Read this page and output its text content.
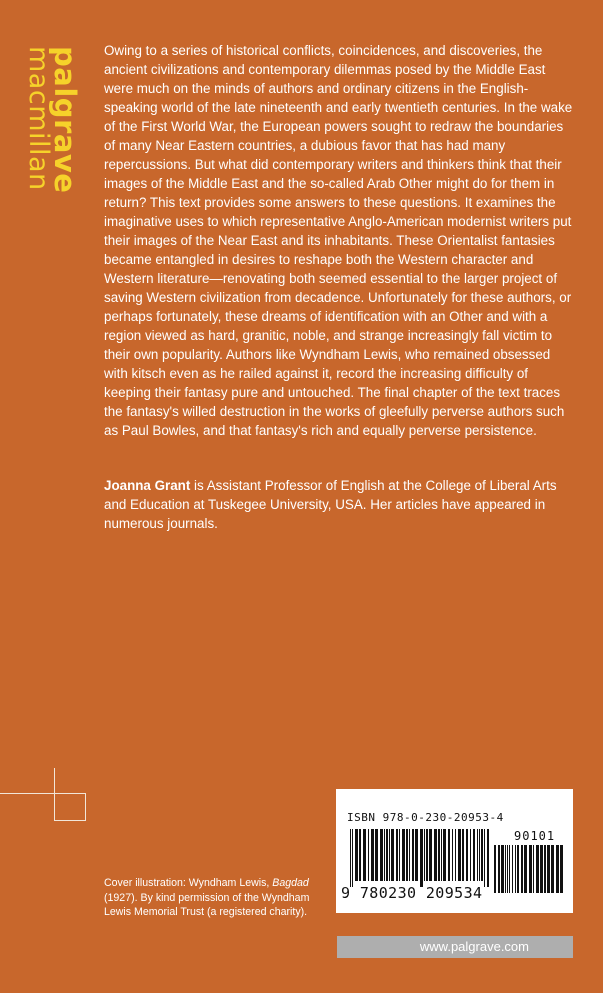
palgrave
macmillan	Owing to a series of historical conflicts, coincidences, and discoveries, the ancient civilizations and contemporary dilemmas posed by the Middle East were much on the minds of authors and ordinary citizens in the English-speaking world of the late nineteenth and early twentieth centuries. In the wake of the First World War, the European powers sought to redraw the boundaries of many Near Eastern countries, a dubious favor that has had many repercussions. But what did contemporary writers and thinkers think that their images of the Middle East and the so-called Arab Other might do for them in return? This text provides some answers to these questions. It examines the imaginative uses to which representative Anglo-American modernist writers put their images of the Near East and its inhabitants. These Orientalist fantasies became entangled in desires to reshape both the Western character and Western literature—renovating both seemed essential to the larger project of saving Western civilization from decadence. Unfortunately for these authors, or perhaps fortunately, these dreams of identification with an Other and with a region viewed as hard, granitic, noble, and strange increasingly fall victim to their own popularity. Authors like Wyndham Lewis, who remained obsessed with kitsch even as he railed against it, record the increasing difficulty of keeping their fantasy pure and untouched. The final chapter of the text traces the fantasy's willed destruction in the works of gleefully perverse authors such as Paul Bowles, and that fantasy's rich and equally perverse persistence.

Joanna Grant is Assistant Professor of English at the College of Liberal Arts and Education at Tuskegee University, USA. Her articles have appeared in numerous journals.

ISBN 978-0-230-20953-4
90101
9 780230 209534

Cover illustration: Wyndham Lewis, Bagdad (1927). By kind permission of the Wyndham Lewis Memorial Trust (a registered charity).

www.palgrave.com
